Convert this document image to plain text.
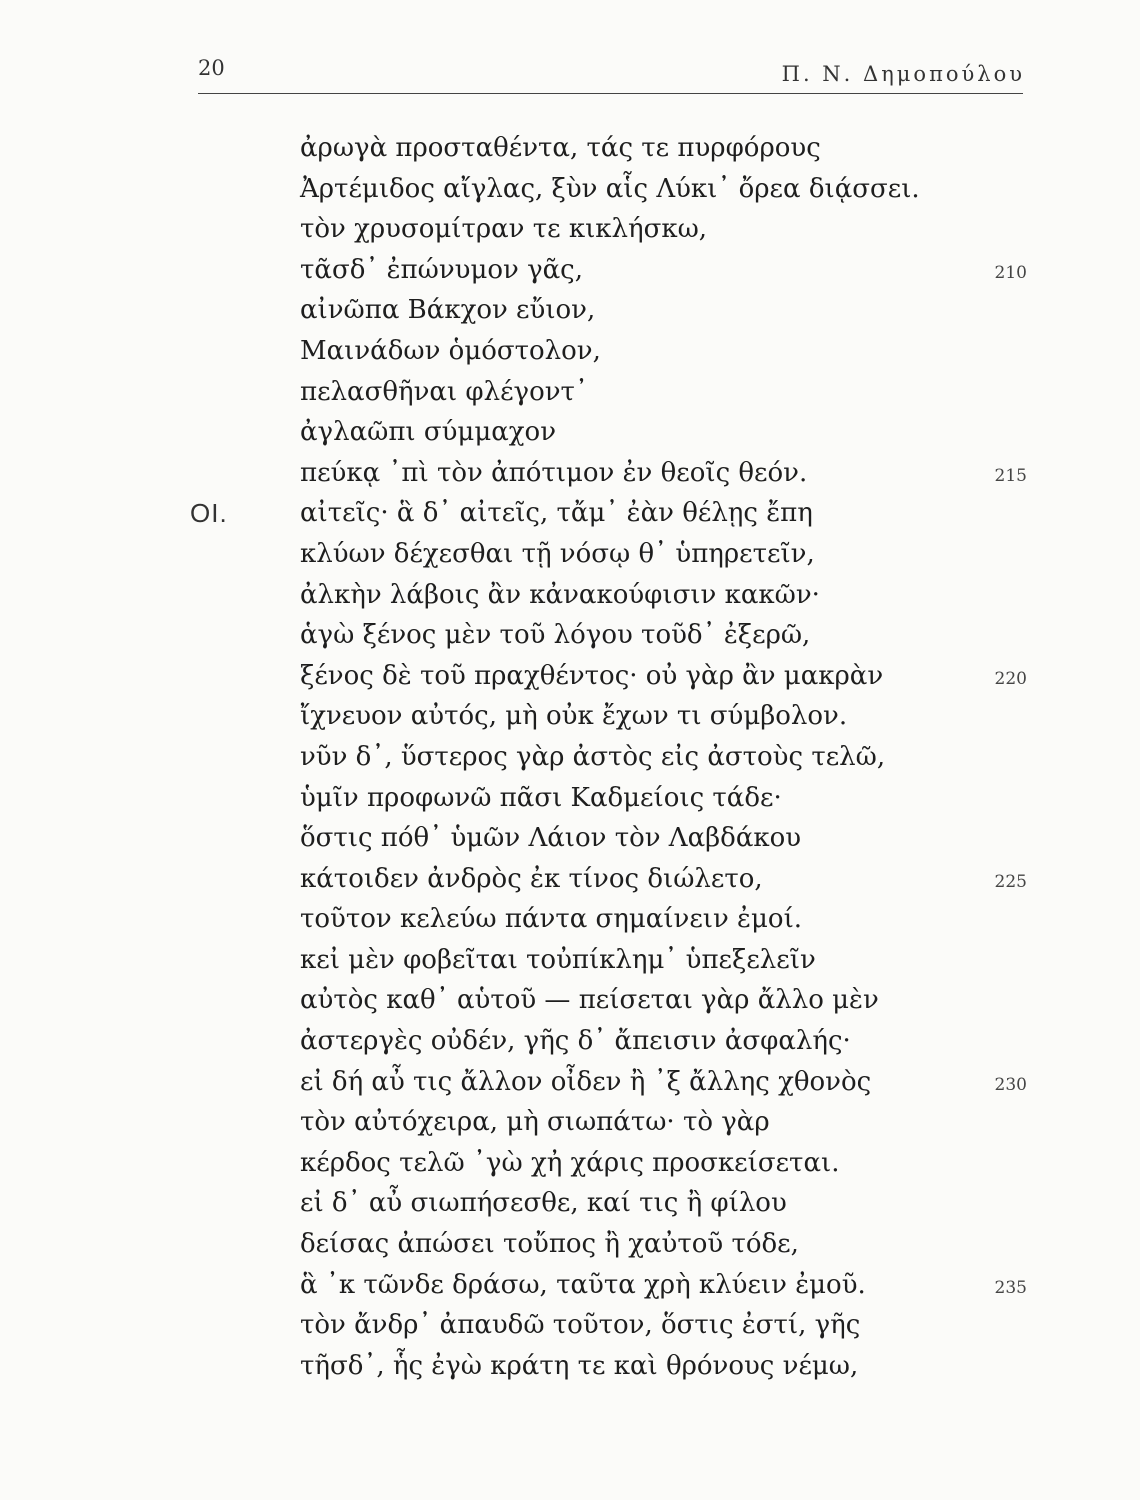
20	Π. Ν. Δημοπούλου
ἀρωγὰ προσταθέντα, τάς τε πυρφόρους
Ἀρτέμιδος αἴγλας, ξὺν αἷς Λύκι᾽ ὄρεα διᾴσσει.
τὸν χρυσομίτραν τε κικλήσκω,
τᾶσδ᾽ ἐπώνυμον γᾶς,	210
αἰνῶπα Βάκχον εὔιον,
Μαινάδων ὁμόστολον,
πελασθῆναι φλέγοντ᾽
ἀγλαῶπι σύμμαχον
πεύκᾳ ᾽πὶ τὸν ἀπότιμον ἐν θεοῖς θεόν.	215
ΟΙ.	αἰτεῖς· ἃ δ᾽ αἰτεῖς, τἄμ᾽ ἐὰν θέλῃς ἔπη
κλύων δέχεσθαι τῇ νόσῳ θ᾽ ὑπηρετεῖν,
ἀλκὴν λάβοις ἂν κἀνακούφισιν κακῶν·
ἁγὼ ξένος μὲν τοῦ λόγου τοῦδ᾽ ἐξερῶ,
ξένος δὲ τοῦ πραχθέντος· οὐ γὰρ ἂν μακρὰν	220
ἴχνευον αὐτός, μὴ οὐκ ἔχων τι σύμβολον.
νῦν δ᾽, ὕστερος γὰρ ἀστὸς εἰς ἀστοὺς τελῶ,
ὑμῖν προφωνῶ πᾶσι Καδμείοις τάδε·
ὅστις πόθ᾽ ὑμῶν Λάιον τὸν Λαβδάκου
κάτοιδεν ἀνδρὸς ἐκ τίνος διώλετο,	225
τοῦτον κελεύω πάντα σημαίνειν ἐμοί.
κεἰ μὲν φοβεῖται τοὐπίκλημ᾽ ὑπεξελεῖν
αὐτὸς καθ᾽ αὑτοῦ — πείσεται γὰρ ἄλλο μὲν
ἀστεργὲς οὐδέν, γῆς δ᾽ ἄπεισιν ἀσφαλής·
εἰ δή αὖ τις ἄλλον οἶδεν ἢ ᾽ξ ἄλλης χθονὸς	230
τὸν αὐτόχειρα, μὴ σιωπάτω· τὸ γὰρ
κέρδος τελῶ ᾽γὼ χἠ χάρις προσκείσεται.
εἰ δ᾽ αὖ σιωπήσεσθε, καί τις ἢ φίλου
δείσας ἀπώσει τοὔπος ἢ χαὐτοῦ τόδε,
ἃ ᾽κ τῶνδε δράσω, ταῦτα χρὴ κλύειν ἐμοῦ.	235
τὸν ἄνδρ᾽ ἀπαυδῶ τοῦτον, ὅστις ἐστί, γῆς
τῆσδ᾽, ἧς ἐγὼ κράτη τε καὶ θρόνους νέμω,
